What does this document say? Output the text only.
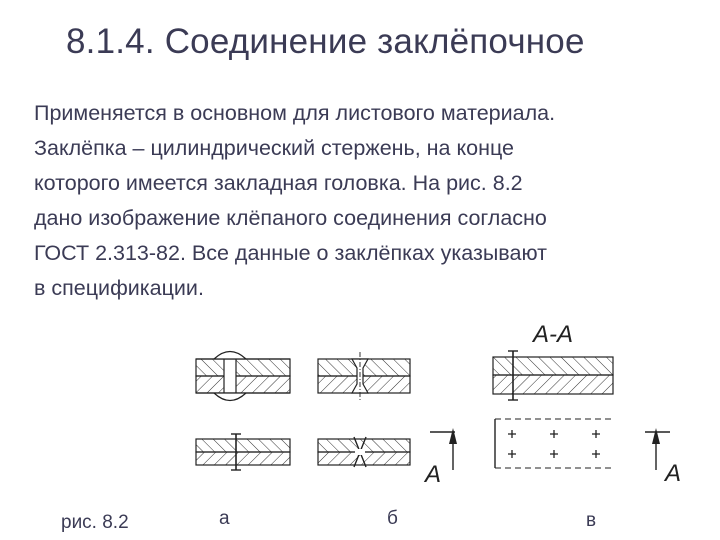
8.1.4. Соединение заклёпочное
Применяется в основном для листового материала.
Заклёпка – цилиндрический стержень, на конце
которого имеется закладная головка. На рис. 8.2
дано изображение клёпаного соединения согласно
ГОСТ 2.313-82. Все данные о заклёпках указывают
в спецификации.
А-А
А	А
рис. 8.2	а	б	в
